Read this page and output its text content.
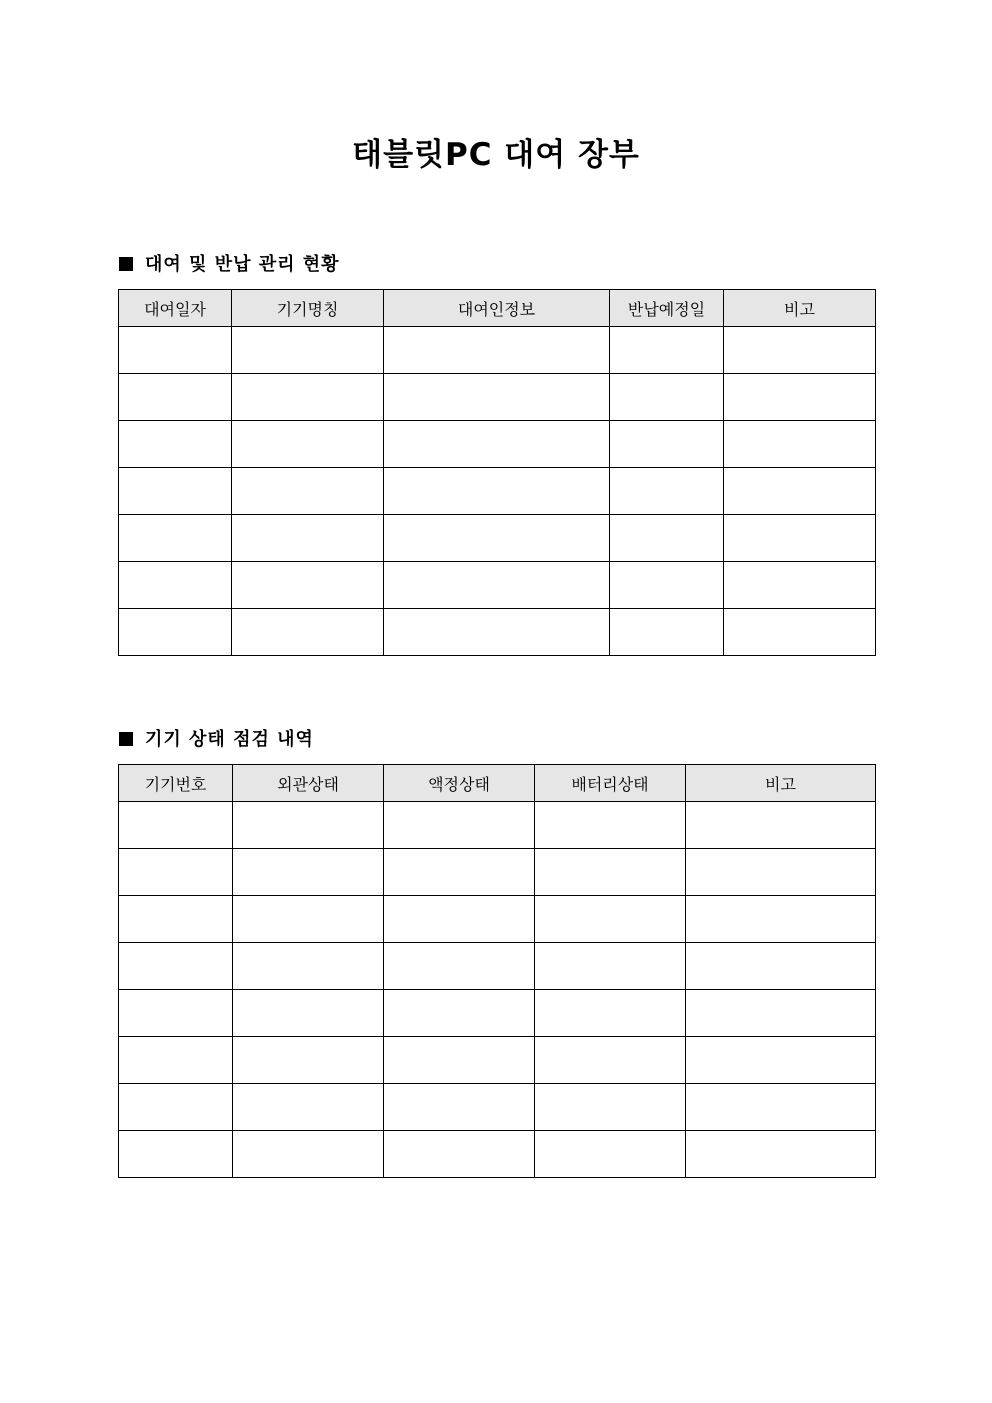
태블릿PC 대여 장부
대여 및 반납 관리 현황
대여일자	기기명칭	대여인정보	반납예정일	비고

기기 상태 점검 내역
기기번호	외관상태	액정상태	배터리상태	비고
